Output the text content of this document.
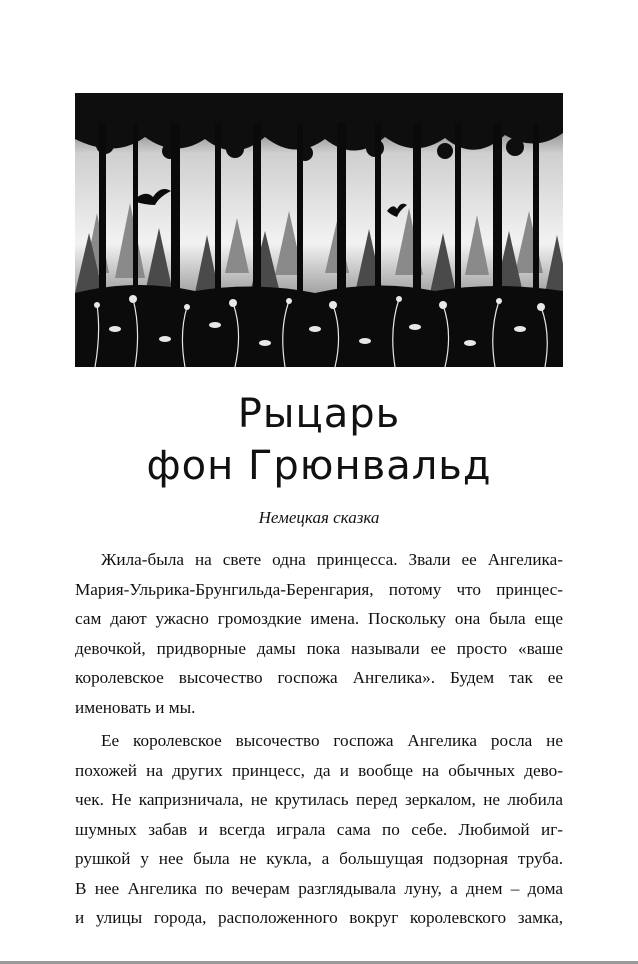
Рыцарь
фон Грюнвальд

Немецкая сказка

Жила-была на свете одна принцесса. Звали ее Ангелика-
Мария-Ульрика-Брунгильда-Беренгария, потому что принцес-
сам дают ужасно громоздкие имена. Поскольку она была еще
девочкой, придворные дамы пока называли ее просто «ваше
королевское высочество госпожа Ангелика». Будем так ее
именовать и мы.
Ее королевское высочество госпожа Ангелика росла не
похожей на других принцесс, да и вообще на обычных дево-
чек. Не капризничала, не крутилась перед зеркалом, не любила
шумных забав и всегда играла сама по себе. Любимой иг-
рушкой у нее была не кукла, а большущая подзорная труба.
В нее Ангелика по вечерам разглядывала луну, а днем – дома
и улицы города, расположенного вокруг королевского замка,
